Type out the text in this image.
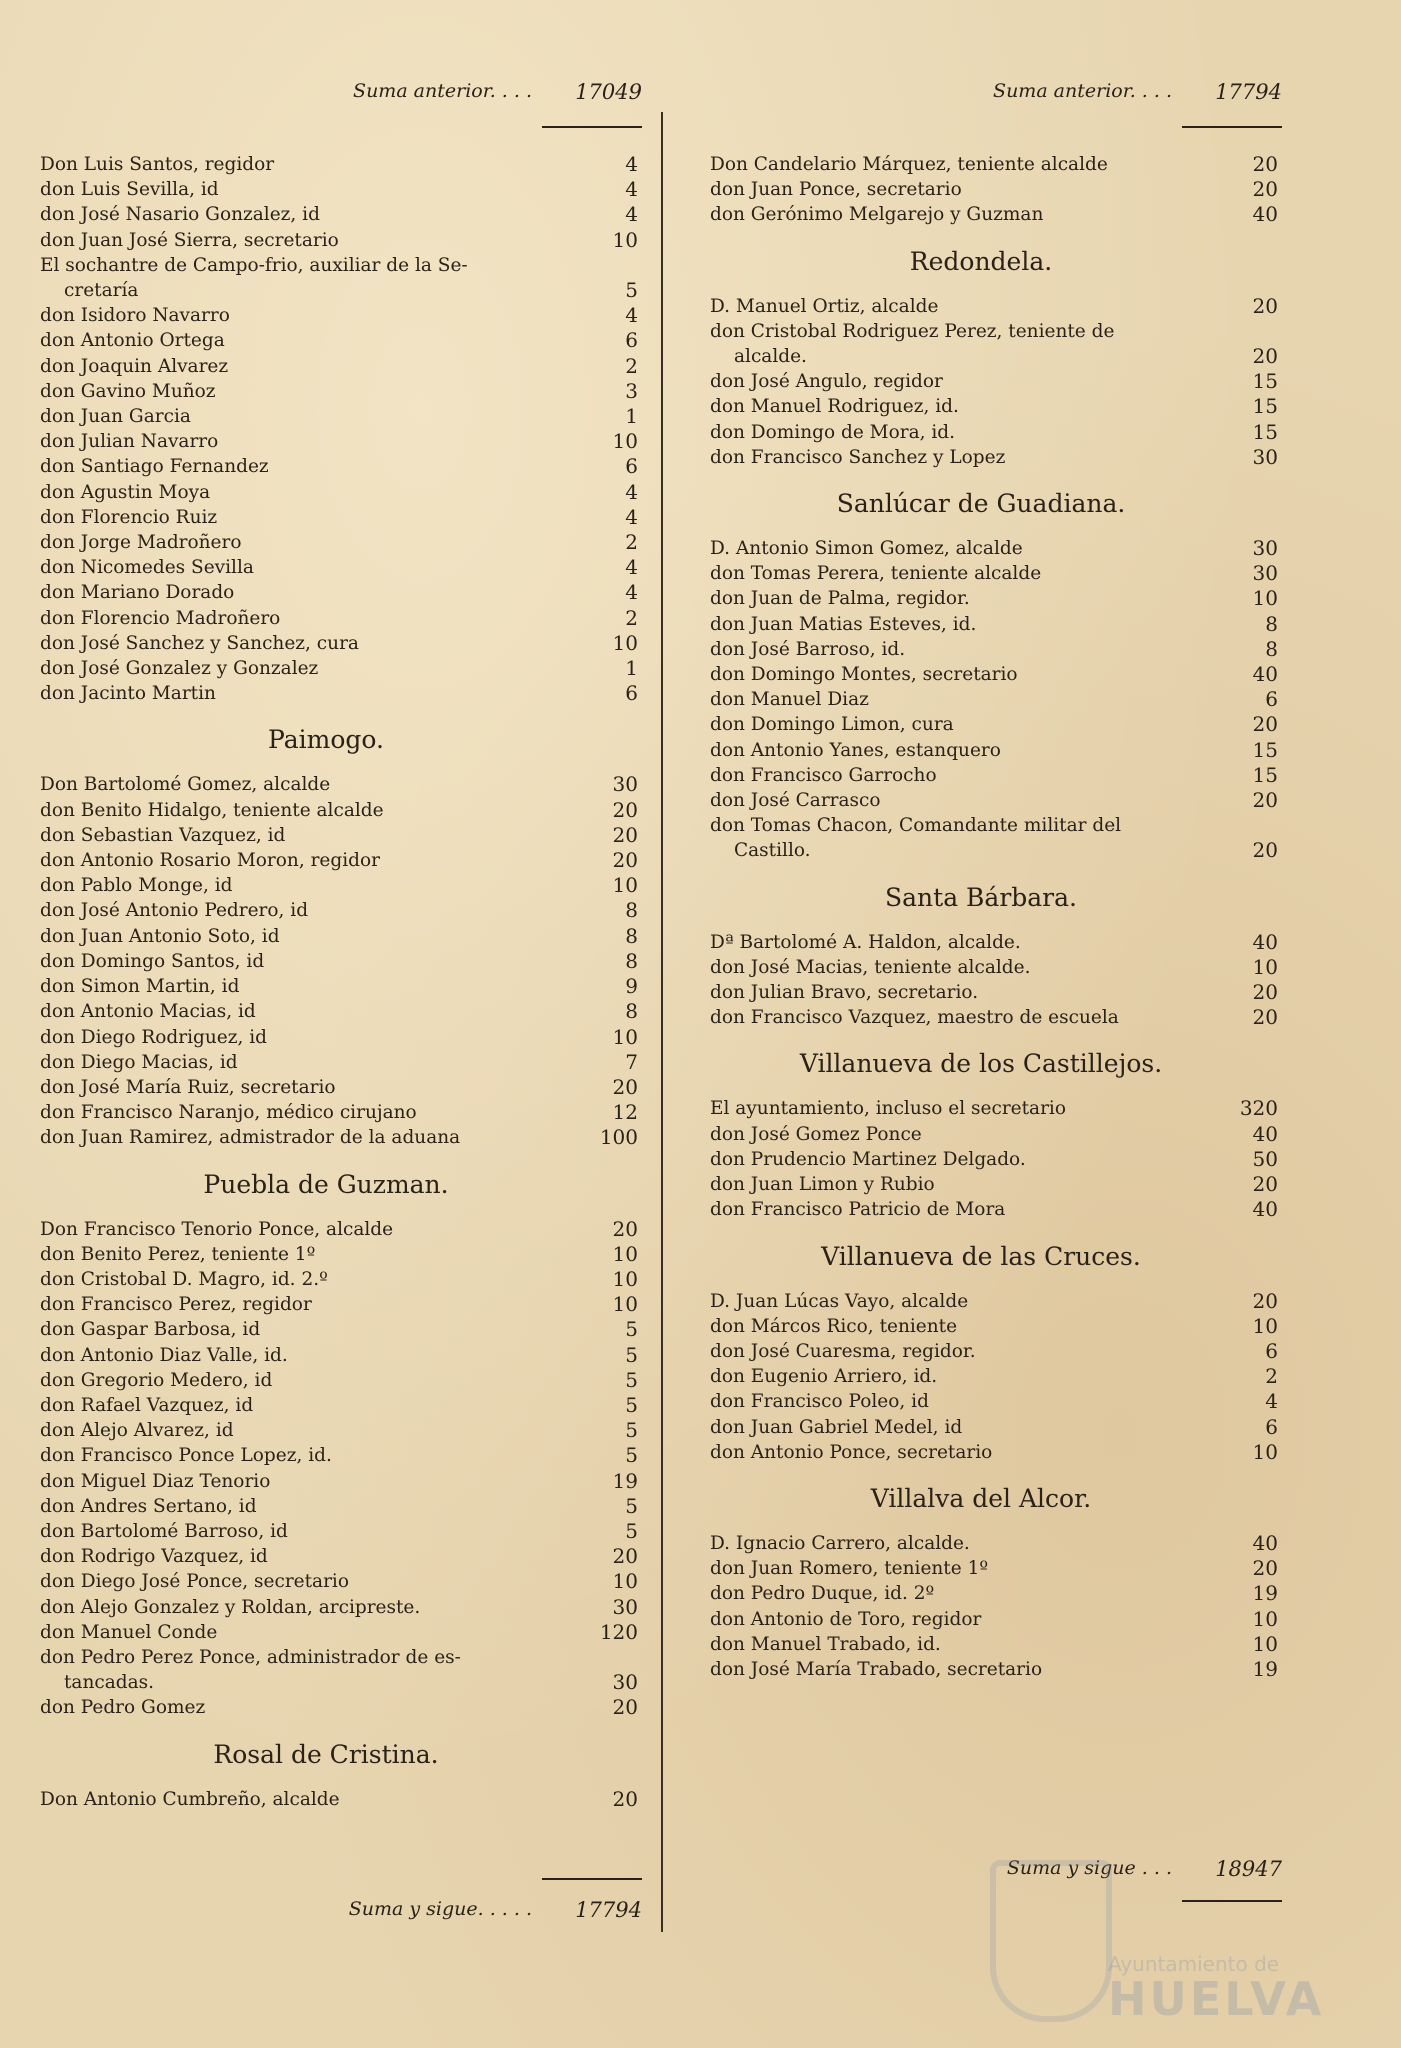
Suma anterior. . . . 17049
Don Luis Santos, regidor	4
don Luis Sevilla, id	4
don José Nasario Gonzalez, id	4
don Juan José Sierra, secretario	10
El sochantre de Campo-frio, auxiliar de la Se-
cretaría	5
don Isidoro Navarro	4
don Antonio Ortega	6
don Joaquin Alvarez	2
don Gavino Muñoz	3
don Juan Garcia	1
don Julian Navarro	10
don Santiago Fernandez	6
don Agustin Moya	4
don Florencio Ruiz	4
don Jorge Madroñero	2
don Nicomedes Sevilla	4
don Mariano Dorado	4
don Florencio Madroñero	2
don José Sanchez y Sanchez, cura	10
don José Gonzalez y Gonzalez	1
don Jacinto Martin	6
Paimogo.
Don Bartolomé Gomez, alcalde	30
don Benito Hidalgo, teniente alcalde	20
don Sebastian Vazquez, id	20
don Antonio Rosario Moron, regidor	20
don Pablo Monge, id	10
don José Antonio Pedrero, id	8
don Juan Antonio Soto, id	8
don Domingo Santos, id	8
don Simon Martin, id	9
don Antonio Macias, id	8
don Diego Rodriguez, id	10
don Diego Macias, id	7
don José María Ruiz, secretario	20
don Francisco Naranjo, médico cirujano	12
don Juan Ramirez, admistrador de la aduana	100
Puebla de Guzman.
Don Francisco Tenorio Ponce, alcalde	20
don Benito Perez, teniente 1º	10
don Cristobal D. Magro, id. 2.º	10
don Francisco Perez, regidor	10
don Gaspar Barbosa, id	5
don Antonio Diaz Valle, id.	5
don Gregorio Medero, id	5
don Rafael Vazquez, id	5
don Alejo Alvarez, id	5
don Francisco Ponce Lopez, id.	5
don Miguel Diaz Tenorio	19
don Andres Sertano, id	5
don Bartolomé Barroso, id	5
don Rodrigo Vazquez, id	20
don Diego José Ponce, secretario	10
don Alejo Gonzalez y Roldan, arcipreste.	30
don Manuel Conde	120
don Pedro Perez Ponce, administrador de es-
tancadas.	30
don Pedro Gomez	20
Rosal de Cristina.
Don Antonio Cumbreño, alcalde	20
Suma y sigue. . . . . 17794
Suma anterior. . . . 17794
Don Candelario Márquez, teniente alcalde	20
don Juan Ponce, secretario	20
don Gerónimo Melgarejo y Guzman	40
Redondela.
D. Manuel Ortiz, alcalde	20
don Cristobal Rodriguez Perez, teniente de
alcalde.	20
don José Angulo, regidor	15
don Manuel Rodriguez, id.	15
don Domingo de Mora, id.	15
don Francisco Sanchez y Lopez	30
Sanlúcar de Guadiana.
D. Antonio Simon Gomez, alcalde	30
don Tomas Perera, teniente alcalde	30
don Juan de Palma, regidor.	10
don Juan Matias Esteves, id.	8
don José Barroso, id.	8
don Domingo Montes, secretario	40
don Manuel Diaz	6
don Domingo Limon, cura	20
don Antonio Yanes, estanquero	15
don Francisco Garrocho	15
don José Carrasco	20
don Tomas Chacon, Comandante militar del
Castillo.	20
Santa Bárbara.
Dª Bartolomé A. Haldon, alcalde.	40
don José Macias, teniente alcalde.	10
don Julian Bravo, secretario.	20
don Francisco Vazquez, maestro de escuela	20
Villanueva de los Castillejos.
El ayuntamiento, incluso el secretario	320
don José Gomez Ponce	40
don Prudencio Martinez Delgado.	50
don Juan Limon y Rubio	20
don Francisco Patricio de Mora	40
Villanueva de las Cruces.
D. Juan Lúcas Vayo, alcalde	20
don Márcos Rico, teniente	10
don José Cuaresma, regidor.	6
don Eugenio Arriero, id.	2
don Francisco Poleo, id	4
don Juan Gabriel Medel, id	6
don Antonio Ponce, secretario	10
Villalva del Alcor.
D. Ignacio Carrero, alcalde.	40
don Juan Romero, teniente 1º	20
don Pedro Duque, id. 2º	19
don Antonio de Toro, regidor	10
don Manuel Trabado, id.	10
don José María Trabado, secretario	19
Suma y sigue . . . 18947
Ayuntamiento de
HUELVA
